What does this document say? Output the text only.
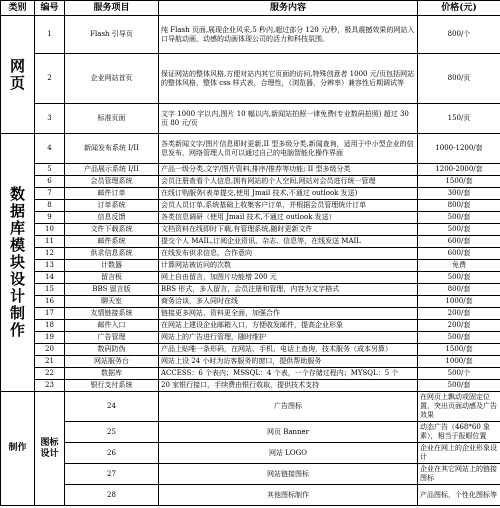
类别	编号	服务项目	服务内容	价格(元)	
网页	1	Flash 引导页	纯 Flash 页面,展现企业风采,5 秒内,超过部分 120 元/秒，极具震撼效果的网站入口导航动画，动感的动画体现公司的活力和科技氛围。	800/个	
	2	企业网站首页	保证网站的整体风格,方便对站内其它页面的访问,特殊创意者 1000 元/页包括网站的整体风格，整体 css 样式表，合理性，（浏览器，分辨率）兼容性后期调试等	800/页	
	3	标准页面	文字 1000 字以内,图片 10 幅以内,新闻站拍照一律免费(专业数码拍照) 超过 30 页 80 元/页	150/页	
数据库模块设计制作	4	新闻发布系统 I/II	各类新闻文字/图片信息即时更新,II 型多级分类,新闻查询，适用于中小型企业的信息发布，网络管理人员可以通过自己的电脑智能化操作界面	1000-1200/套	
	5	产品展示系统 I/II	产品一级分类,文字/图片资料,排序/推荐等功能; II 型多级分类	1200-2000/套	
	6	会员管理系统	会员注册查看个人信息,拥有网站的个人空间,网站对会员进行统一管理	1500/套	
	7	邮件订单	在线订购服务(表单提交,使用 Jmail 技术,不通过 outlook 发送)	300/套	
	8	订单系统	会员人员订单,系统基础上收集客户订单，并根据会员管理统计订单	800/套	
	9	信息反馈	各类信息调研（使用 Jmail 技术,不通过 outlook 发送）	500/套	
	10	文件下载系统	文档资料在线即时下载,有管理系统,随时更新文件	500/套	
	11	邮件系统	提交个人 MAIL,订阅企业资讯、杂志、信息等，在线发送 MAIL	600/套	
	12	供求信息系统	在线发布供求信息，合作意向	600/套	
	13	计数器	计算网站被访问的次数	免费	
	14	留言板	网上自由留言，加图片功能增 200 元	500/套	
	15	BBS 留言版	BBS 形式，多人留言，会员注册和管理，内容为文字格式	800/套	
	16	聊天室	商务洽谈，多人同时在线	1000/套	
	17	友情链接系统	链接更多网站，资料更全面，加强合作	200/套	
	18	邮件入口	在网站上建设企业邮箱入口，方便收发邮件，提高企业形象	200/套	
	19	广告管理	网站上的广告进行管理，随时维护	500/套	
	20	数码防伪	产品上贴唯一条形码，在网站、手机、电话上查询，技术服务（成本另算）	1500/套	
	21	网站服务台	网站上设 24 小时为访客服务的窗口，提供帮助服务	1000/套	
	22	数据库	ACCESS：6 个表内；MSSQL：4 个表，一个存储过程内；MYSQL：5 个	500/个	
	23	银行支付系统	20 家银行接口，手续费由银行收取，提供技术支持	500/套	
制作	图标设计	24	广告图标	在网页上飘动或固定位置，突出页面动感及广告效果	
		25	网页 Banner	动态广告（468*60 象素），相当于报眼位置	
		26	网站 LOGO	企业在网上的企业形象设计	
		27	网站链接图标	企业在其它网站上的链接图标	
		28	其他图标制作	产品图标，个性化图标等	
